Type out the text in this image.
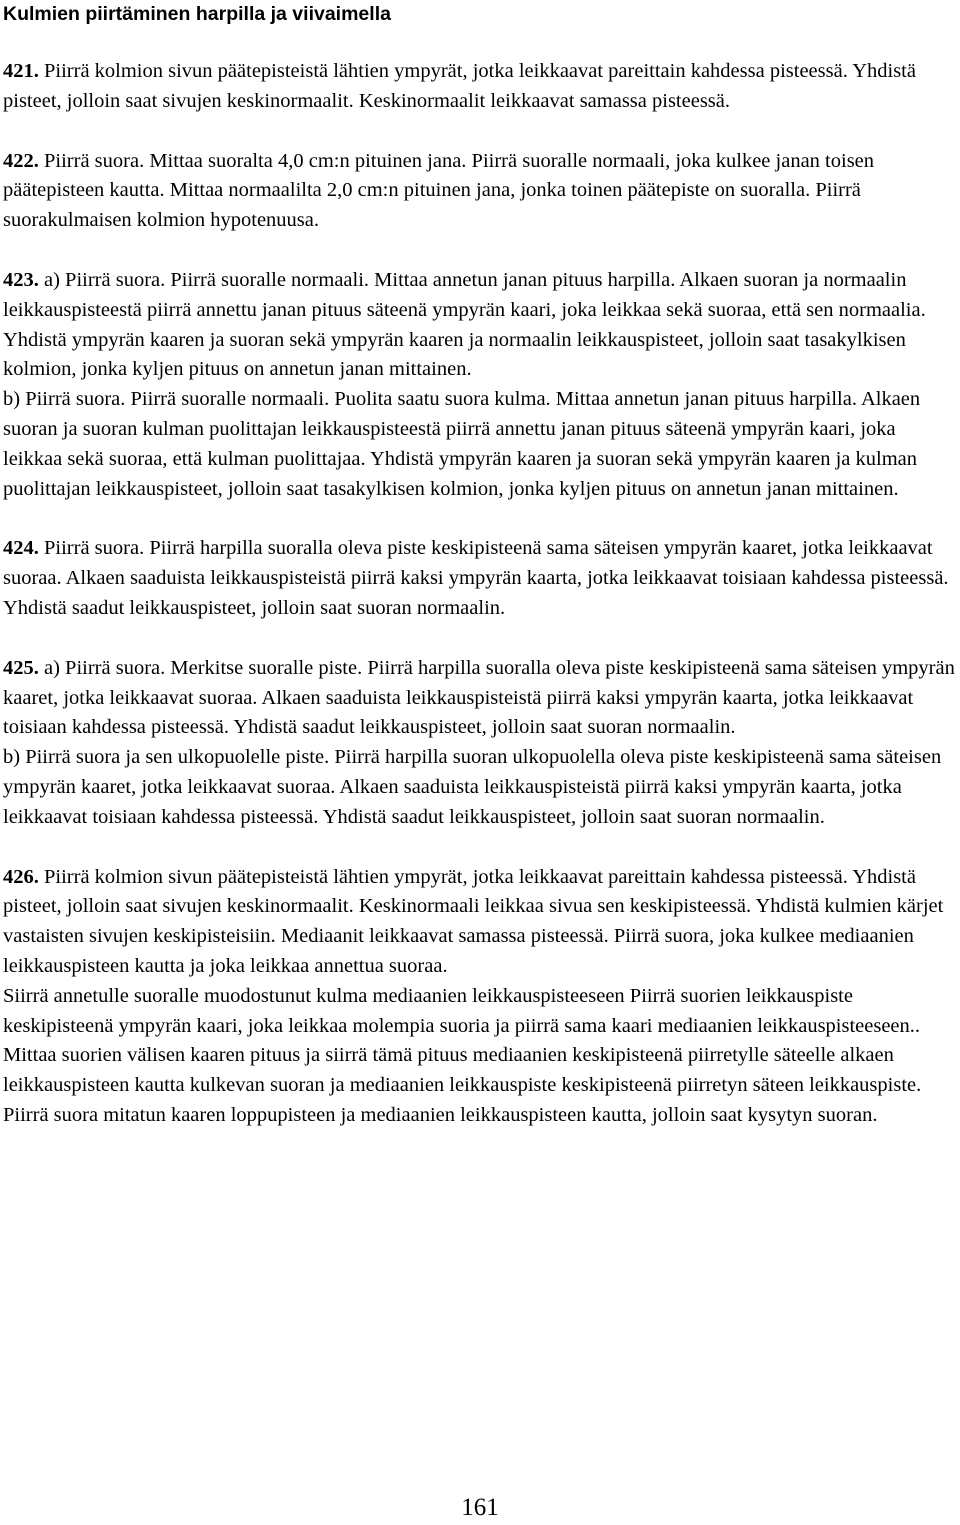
Kulmien piirtäminen harpilla ja viivaimella

421. Piirrä kolmion sivun päätepisteistä lähtien ympyrät, jotka leikkaavat pareittain kahdessa pisteessä. Yhdistä pisteet, jolloin saat sivujen keskinormaalit. Keskinormaalit leikkaavat samassa pisteessä.

422. Piirrä suora. Mittaa suoralta 4,0 cm:n pituinen jana. Piirrä suoralle normaali, joka kulkee janan toisen päätepisteen kautta. Mittaa normaalilta 2,0 cm:n pituinen jana, jonka toinen päätepiste on suoralla. Piirrä suorakulmaisen kolmion hypotenuusa.

423. a) Piirrä suora. Piirrä suoralle normaali. Mittaa annetun janan pituus harpilla. Alkaen suoran ja normaalin leikkauspisteestä piirrä annettu janan pituus säteenä ympyrän kaari, joka leikkaa sekä suoraa, että sen normaalia. Yhdistä ympyrän kaaren ja suoran sekä ympyrän kaaren ja normaalin leikkauspisteet, jolloin saat tasakylkisen kolmion, jonka kyljen pituus on annetun janan mittainen.

b) Piirrä suora. Piirrä suoralle normaali. Puolita saatu suora kulma. Mittaa annetun janan pituus harpilla. Alkaen suoran ja suoran kulman puolittajan leikkauspisteestä piirrä annettu janan pituus säteenä ympyrän kaari, joka leikkaa sekä suoraa, että kulman puolittajaa. Yhdistä ympyrän kaaren ja suoran sekä ympyrän kaaren ja kulman puolittajan leikkauspisteet, jolloin saat tasakylkisen kolmion, jonka kyljen pituus on annetun janan mittainen.

424. Piirrä suora. Piirrä harpilla suoralla oleva piste keskipisteenä sama säteisen ympyrän kaaret, jotka leikkaavat suoraa. Alkaen saaduista leikkauspisteistä piirrä kaksi ympyrän kaarta, jotka leikkaavat toisiaan kahdessa pisteessä. Yhdistä saadut leikkauspisteet, jolloin saat suoran normaalin.

425. a) Piirrä suora. Merkitse suoralle piste. Piirrä harpilla suoralla oleva piste keskipisteenä sama säteisen ympyrän kaaret, jotka leikkaavat suoraa. Alkaen saaduista leikkauspisteistä piirrä kaksi ympyrän kaarta, jotka leikkaavat toisiaan kahdessa pisteessä. Yhdistä saadut leikkauspisteet, jolloin saat suoran normaalin.

b) Piirrä suora ja sen ulkopuolelle piste. Piirrä harpilla suoran ulkopuolella oleva piste keskipisteenä sama säteisen ympyrän kaaret, jotka leikkaavat suoraa. Alkaen saaduista leikkauspisteistä piirrä kaksi ympyrän kaarta, jotka leikkaavat toisiaan kahdessa pisteessä. Yhdistä saadut leikkauspisteet, jolloin saat suoran normaalin.

426. Piirrä kolmion sivun päätepisteistä lähtien ympyrät, jotka leikkaavat pareittain kahdessa pisteessä. Yhdistä pisteet, jolloin saat sivujen keskinormaalit. Keskinormaali leikkaa sivua sen keskipisteessä. Yhdistä kulmien kärjet vastaisten sivujen keskipisteisiin. Mediaanit leikkaavat samassa pisteessä. Piirrä suora, joka kulkee mediaanien leikkauspisteen kautta ja joka leikkaa annettua suoraa.

Siirrä annetulle suoralle muodostunut kulma mediaanien leikkauspisteeseen Piirrä suorien leikkauspiste keskipisteenä ympyrän kaari, joka leikkaa molempia suoria ja piirrä sama kaari mediaanien leikkauspisteeseen.. Mittaa suorien välisen kaaren pituus ja siirrä tämä pituus mediaanien keskipisteenä piirretylle säteelle alkaen leikkauspisteen kautta kulkevan suoran ja mediaanien leikkauspiste keskipisteenä piirretyn säteen leikkauspiste. Piirrä suora mitatun kaaren loppupisteen ja mediaanien leikkauspisteen kautta, jolloin saat kysytyn suoran.

161
